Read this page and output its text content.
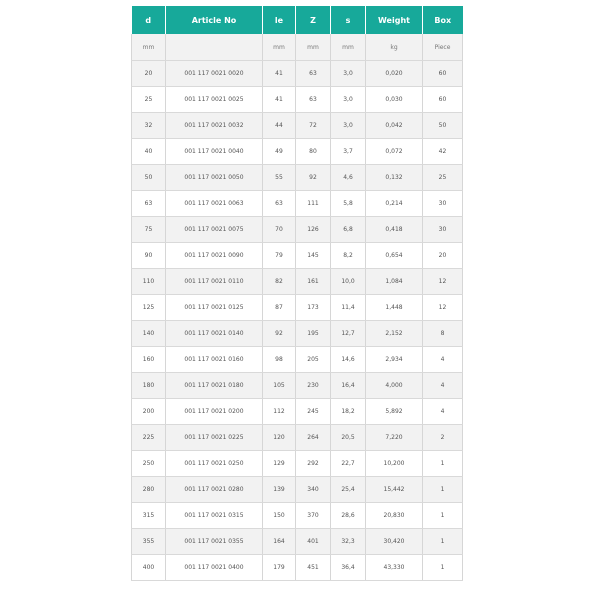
d	Article No	le	Z	s	Weight	Box
mm		mm	mm	mm	kg	Piece
20	001 117 0021 0020	41	63	3,0	0,020	60
25	001 117 0021 0025	41	63	3,0	0,030	60
32	001 117 0021 0032	44	72	3,0	0,042	50
40	001 117 0021 0040	49	80	3,7	0,072	42
50	001 117 0021 0050	55	92	4,6	0,132	25
63	001 117 0021 0063	63	111	5,8	0,214	30
75	001 117 0021 0075	70	126	6,8	0,418	30
90	001 117 0021 0090	79	145	8,2	0,654	20
110	001 117 0021 0110	82	161	10,0	1,084	12
125	001 117 0021 0125	87	173	11,4	1,448	12
140	001 117 0021 0140	92	195	12,7	2,152	8
160	001 117 0021 0160	98	205	14,6	2,934	4
180	001 117 0021 0180	105	230	16,4	4,000	4
200	001 117 0021 0200	112	245	18,2	5,892	4
225	001 117 0021 0225	120	264	20,5	7,220	2
250	001 117 0021 0250	129	292	22,7	10,200	1
280	001 117 0021 0280	139	340	25,4	15,442	1
315	001 117 0021 0315	150	370	28,6	20,830	1
355	001 117 0021 0355	164	401	32,3	30,420	1
400	001 117 0021 0400	179	451	36,4	43,330	1
